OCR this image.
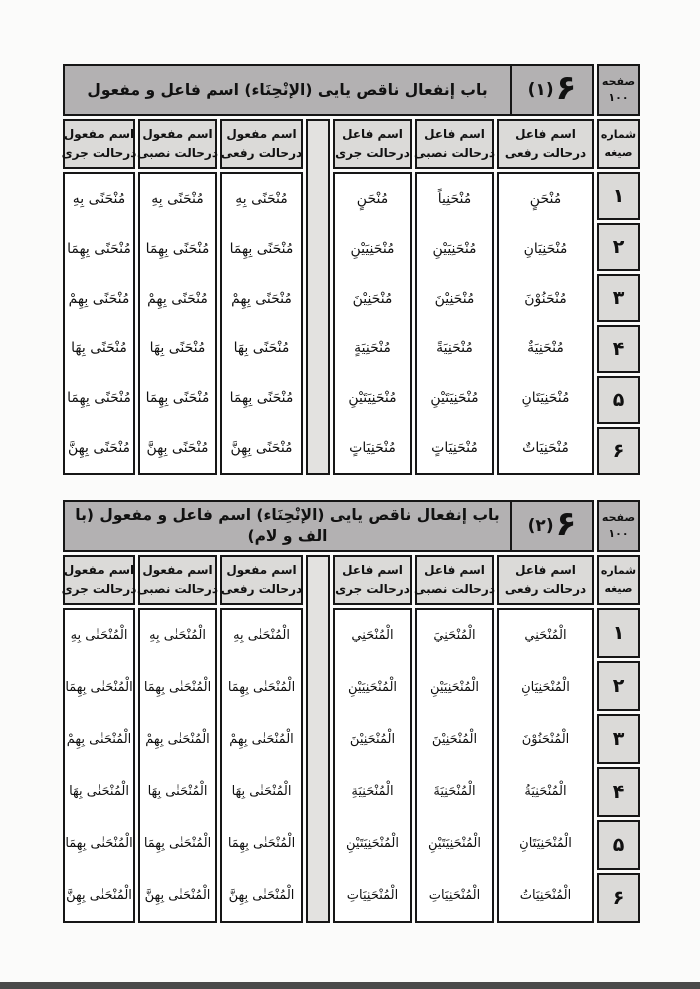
صفحه
۱۰۰
۶
(۱)
باب إنفعال ناقص يايى (الإنْحِنَاء) اسم فاعل و مفعول
شماره
صيغه
۱
۲
۳
۴
۵
۶
اسم فاعل
درحالت رفعى
مُنْحَنٍ
مُنْحَنِيَانِ
مُنْحَنُوْنَ
مُنْحَنِيَةٌ
مُنْحَنِيَتَانِ
مُنْحَنِيَاتٌ
اسم فاعل
درحالت نصبى
مُنْحَنِياً
مُنْحَنِيَيْنِ
مُنْحَنِيْنَ
مُنْحَنِيَةً
مُنْحَنِيَتَيْنِ
مُنْحَنِيَاتٍ
اسم فاعل
درحالت جرى
مُنْحَنٍ
مُنْحَنِيَيْنِ
مُنْحَنِيْنَ
مُنْحَنِيَةٍ
مُنْحَنِيَتَيْنِ
مُنْحَنِيَاتٍ
اسم مفعول
درحالت رفعى
مُنْحَنًى بِهِ
مُنْحَنًى بِهِمَا
مُنْحَنًى بِهِمْ
مُنْحَنًى بِهَا
مُنْحَنًى بِهِمَا
مُنْحَنًى بِهِنَّ
اسم مفعول
درحالت نصبى
مُنْحَنًى بِهِ
مُنْحَنًى بِهِمَا
مُنْحَنًى بِهِمْ
مُنْحَنًى بِهَا
مُنْحَنًى بِهِمَا
مُنْحَنًى بِهِنَّ
اسم مفعول
درحالت جرى
مُنْحَنًى بِهِ
مُنْحَنًى بِهِمَا
مُنْحَنًى بِهِمْ
مُنْحَنًى بِهَا
مُنْحَنًى بِهِمَا
مُنْحَنًى بِهِنَّ
صفحه
۱۰۰
۶
(۲)
باب إنفعال ناقص يايى (الإنْحِنَاء) اسم فاعل و مفعول (با الف و لام)
شماره
صيغه
۱
۲
۳
۴
۵
۶
اسم فاعل
درحالت رفعى
الْمُنْحَنِي
الْمُنْحَنِيَانِ
الْمُنْحَنُوْنَ
الْمُنْحَنِيَةُ
الْمُنْحَنِيَتَانِ
الْمُنْحَنِيَاتُ
اسم فاعل
درحالت نصبى
الْمُنْحَنِيَ
الْمُنْحَنِيَيْنِ
الْمُنْحَنِيْنَ
الْمُنْحَنِيَةَ
الْمُنْحَنِيَتَيْنِ
الْمُنْحَنِيَاتِ
اسم فاعل
درحالت جرى
الْمُنْحَنِي
الْمُنْحَنِيَيْنِ
الْمُنْحَنِيْنَ
الْمُنْحَنِيَةِ
الْمُنْحَنِيَتَيْنِ
الْمُنْحَنِيَاتِ
اسم مفعول
درحالت رفعى
الْمُنْحَنٰى بِهِ
الْمُنْحَنٰى بِهِمَا
الْمُنْحَنٰى بِهِمْ
الْمُنْحَنٰى بِهَا
الْمُنْحَنٰى بِهِمَا
الْمُنْحَنٰى بِهِنَّ
اسم مفعول
درحالت نصبى
الْمُنْحَنٰى بِهِ
الْمُنْحَنٰى بِهِمَا
الْمُنْحَنٰى بِهِمْ
الْمُنْحَنٰى بِهَا
الْمُنْحَنٰى بِهِمَا
الْمُنْحَنٰى بِهِنَّ
اسم مفعول
درحالت جرى
الْمُنْحَنٰى بِهِ
الْمُنْحَنٰى بِهِمَا
الْمُنْحَنٰى بِهِمْ
الْمُنْحَنٰى بِهَا
الْمُنْحَنٰى بِهِمَا
الْمُنْحَنٰى بِهِنَّ
